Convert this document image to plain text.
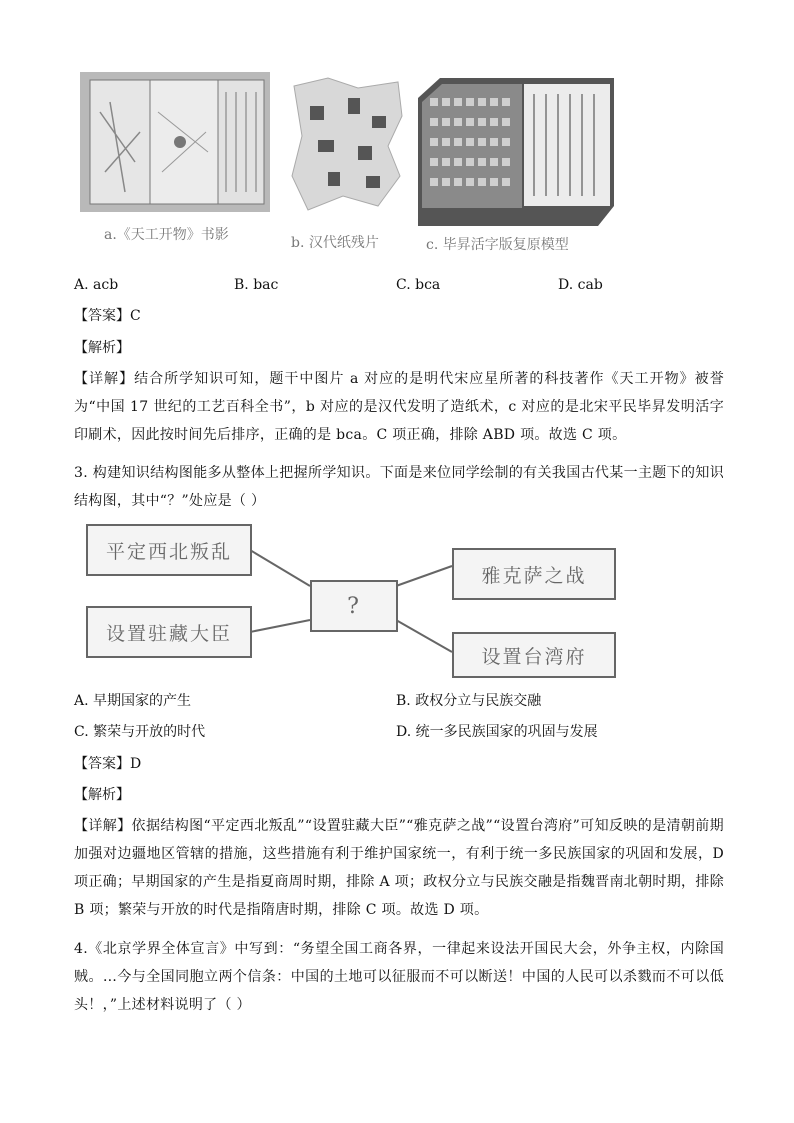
a.《天工开物》书影	b. 汉代纸残片	c. 毕昇活字版复原模型
A. acb	B. bac	C. bca	D. cab
【答案】C
【解析】
【详解】结合所学知识可知，题干中图片 a 对应的是明代宋应星所著的科技著作《天工开物》被誉为“中国 17 世纪的工艺百科全书”，b 对应的是汉代发明了造纸术，c 对应的是北宋平民毕昇发明活字印刷术，因此按时间先后排序，正确的是 bca。C 项正确，排除 ABD 项。故选 C 项。
3. 构建知识结构图能多从整体上把握所学知识。下面是来位同学绘制的有关我国古代某一主题下的知识结构图，其中“？”处应是（ ）
平定西北叛乱
设置驻藏大臣
?
雅克萨之战
设置台湾府
A. 早期国家的产生	B. 政权分立与民族交融
C. 繁荣与开放的时代	D. 统一多民族国家的巩固与发展
【答案】D
【解析】
【详解】依据结构图“平定西北叛乱”“设置驻藏大臣”“雅克萨之战”“设置台湾府”可知反映的是清朝前期加强对边疆地区管辖的措施，这些措施有利于维护国家统一，有利于统一多民族国家的巩固和发展，D 项正确；早期国家的产生是指夏商周时期，排除 A 项；政权分立与民族交融是指魏晋南北朝时期，排除 B 项；繁荣与开放的时代是指隋唐时期，排除 C 项。故选 D 项。
4.《北京学界全体宣言》中写到：“务望全国工商各界，一律起来设法开国民大会，外争主权，内除国贼。…今与全国同胞立两个信条：中国的土地可以征服而不可以断送！中国的人民可以杀戮而不可以低头！，”上述材料说明了（ ）
